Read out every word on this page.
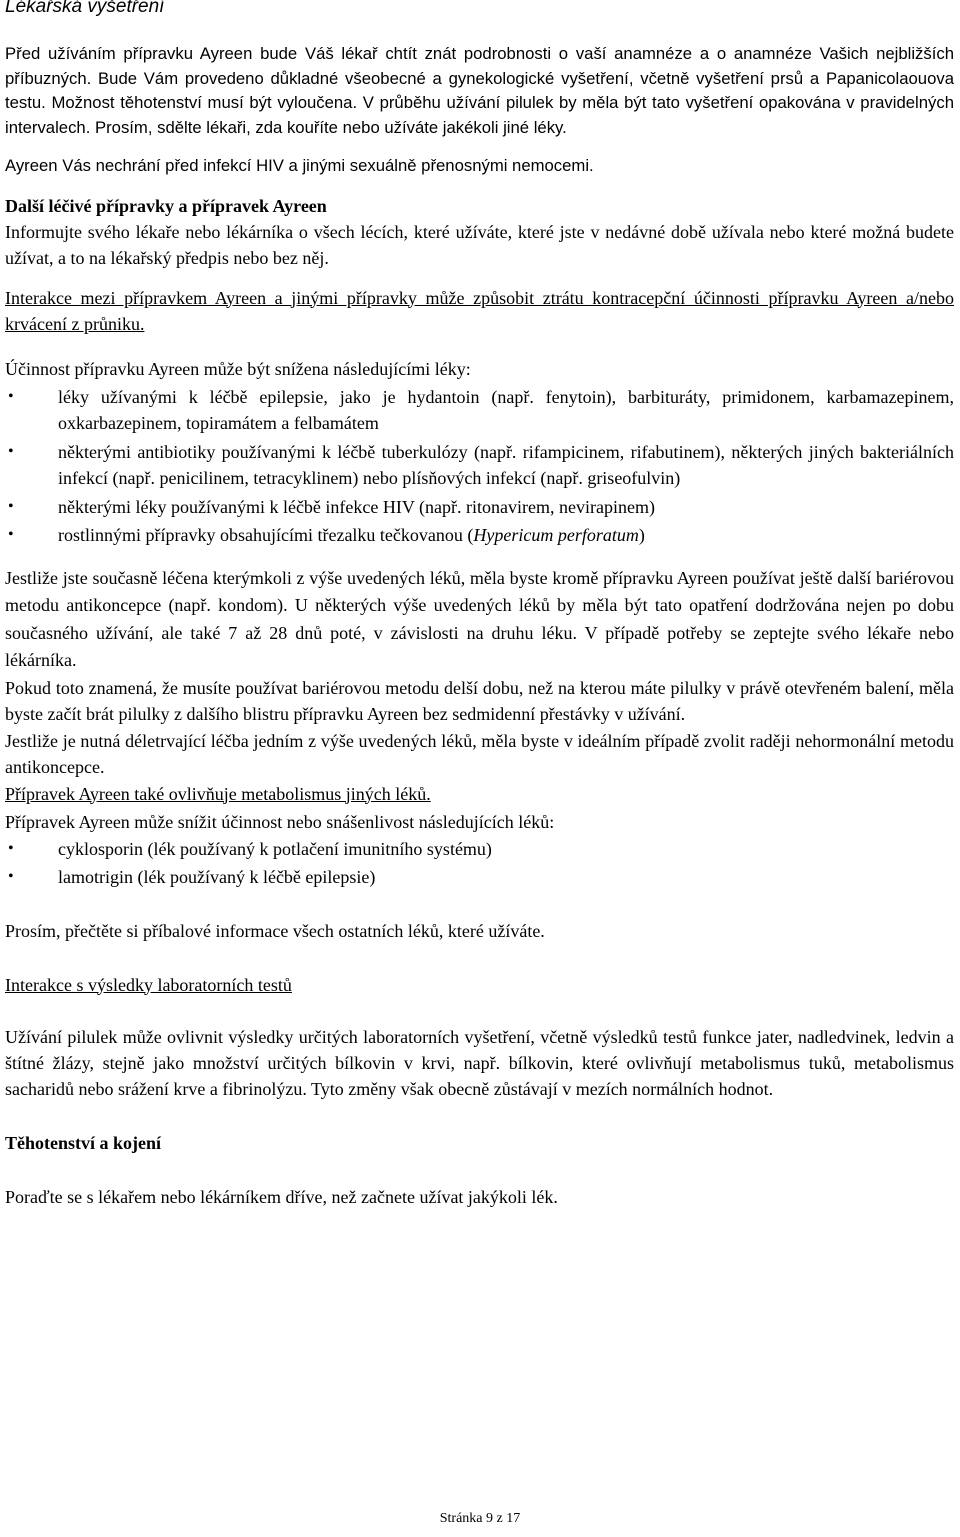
Lékařská vyšetření

Před užíváním přípravku Ayreen bude Váš lékař chtít znát podrobnosti o vaší anamnéze a o anamnéze Vašich nejbližších příbuzných. Bude Vám provedeno důkladné všeobecné a gynekologické vyšetření, včetně vyšetření prsů a Papanicolaouova testu. Možnost těhotenství musí být vyloučena. V průběhu užívání pilulek by měla být tato vyšetření opakována v pravidelných intervalech. Prosím, sdělte lékaři, zda kouříte nebo užíváte jakékoli jiné léky.

Ayreen Vás nechrání před infekcí HIV a jinými sexuálně přenosnými nemocemi.

Další léčivé přípravky a přípravek Ayreen

Informujte svého lékaře nebo lékárníka o všech lécích, které užíváte, které jste v nedávné době užívala nebo které možná budete užívat, a to na lékařský předpis nebo bez něj.

Interakce mezi přípravkem Ayreen a jinými přípravky může způsobit ztrátu kontracepční účinnosti přípravku Ayreen a/nebo krvácení z průniku.

Účinnost přípravku Ayreen může být snížena následujícími léky:

• léky užívanými k léčbě epilepsie, jako je hydantoin (např. fenytoin), barbituráty, primidonem, karbamazepinem, oxkarbazepinem, topiramátem a felbamátem
• některými antibiotiky používanými k léčbě tuberkulózy (např. rifampicinem, rifabutinem), některých jiných bakteriálních infekcí (např. penicilinem, tetracyklinem) nebo plísňových infekcí (např. griseofulvin)
• některými léky používanými k léčbě infekce HIV (např. ritonavirem, nevirapinem)
• rostlinnými přípravky obsahujícími třezalku tečkovanou (Hypericum perforatum)

Jestliže jste současně léčena kterýmkoli z výše uvedených léků, měla byste kromě přípravku Ayreen používat ještě další bariérovou metodu antikoncepce (např. kondom). U některých výše uvedených léků by měla být tato opatření dodržována nejen po dobu současného užívání, ale také 7 až 28 dnů poté, v závislosti na druhu léku. V případě potřeby se zeptejte svého lékaře nebo lékárníka.

Pokud toto znamená, že musíte používat bariérovou metodu delší dobu, než na kterou máte pilulky v právě otevřeném balení, měla byste začít brát pilulky z dalšího blistru přípravku Ayreen bez sedmidenní přestávky v užívání.

Jestliže je nutná déletrvající léčba jedním z výše uvedených léků, měla byste v ideálním případě zvolit raději nehormonální metodu antikoncepce.

Přípravek Ayreen také ovlivňuje metabolismus jiných léků.

Přípravek Ayreen může snížit účinnost nebo snášenlivost následujících léků:

• cyklosporin (lék používaný k potlačení imunitního systému)
• lamotrigin (lék používaný k léčbě epilepsie)

Prosím, přečtěte si příbalové informace všech ostatních léků, které užíváte.

Interakce s výsledky laboratorních testů

Užívání pilulek může ovlivnit výsledky určitých laboratorních vyšetření, včetně výsledků testů funkce jater, nadledvinek, ledvin a štítné žlázy, stejně jako množství určitých bílkovin v krvi, např. bílkovin, které ovlivňují metabolismus tuků, metabolismus sacharidů nebo srážení krve a fibrinolýzu. Tyto změny však obecně zůstávají v mezích normálních hodnot.

Těhotenství a kojení

Poraďte se s lékařem nebo lékárníkem dříve, než začnete užívat jakýkoli lék.

Stránka 9 z 17
